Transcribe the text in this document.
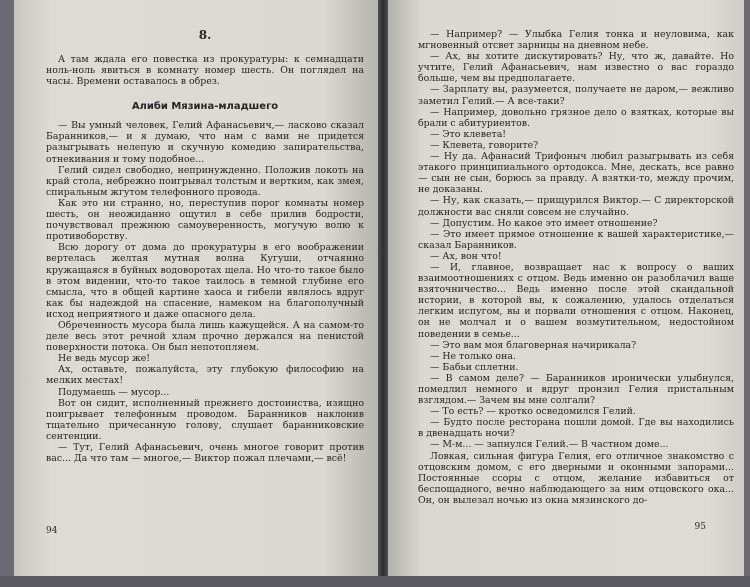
8.

А там ждала его повестка из прокуратуры: к семнадцати ноль-ноль явиться в комнату номер шесть. Он поглядел на часы. Времени оставалось в обрез.

Алиби Мязина-младшего

— Вы умный человек, Гелий Афанасьевич,— ласково сказал Баранников,— и я думаю, что нам с вами не придется разыгрывать нелепую и скучную комедию запирательства, отнекивания и тому подобное...

Гелий сидел свободно, непринужденно. Положив локоть на край стола, небрежно поигрывал толстым и вертким, как змея, спиральным жгутом телефонного провода.

Как это ни странно, но, переступив порог комнаты номер шесть, он неожиданно ощутил в себе прилив бодрости, почувствовал прежнюю самоуверенность, могучую волю к противоборству.

Всю дорогу от дома до прокуратуры в его воображении вертелась желтая мутная волна Кугуши, отчаянно кружащаяся в буйных водоворотах щела. Но что-то такое было в этом видении, что-то такое таилось в темной глубине его смысла, что в общей картине хаоса и гибели являлось вдруг как бы надеждой на спасение, намеком на благополучный исход неприятного и даже опасного дела.

Обреченность мусора была лишь кажущейся. А на самом-то деле весь этот речной хлам прочно держался на пенистой поверхности потока. Он был непотопляем.

Не ведь мусор же!

Ах, оставьте, пожалуйста, эту глубокую философию на мелких местах!

Подумаешь — мусор...

Вот он сидит, исполненный прежнего достоинства, изящно поигрывает телефонным проводом. Баранников наклонив тщательно причесанную голову, слушает баранниковские сентенции.

— Тут, Гелий Афанасьевич, очень многое говорит против вас... Да что там — многое,— Виктор пожал плечами,— всё!

94

— Например? — Улыбка Гелия тонка и неуловима, как мгновенный отсвет зарницы на дневном небе.

— Ах, вы хотите дискутировать? Ну, что ж, давайте. Но учтите, Гелий Афанасьевич, нам известно о вас гораздо больше, чем вы предполагаете.

— Зарплату вы, разумеется, получаете не даром,— вежливо заметил Гелий.— А все-таки?

— Например, довольно грязное дело о взятках, которые вы брали с абитуриентов.

— Это клевета!

— Клевета, говорите?

— Ну да. Афанасий Трифоныч любил разыгрывать из себя этакого принципиального ортодокса. Мне, дескать, все равно — сын не сын, борюсь за правду. А взятки-то, между прочим, не доказаны.

— Ну, как сказать,— прищурился Виктор.— С директорской должности вас сняли совсем не случайно.

— Допустим. Но какое это имеет отношение?

— Это имеет прямое отношение к вашей характеристике,— сказал Баранников.

— Ах, вон что!

— И, главное, возвращает нас к вопросу о ваших взаимоотношениях с отцом. Ведь именно он разоблачил ваше взяточничество... Ведь именно после этой скандальной истории, в которой вы, к сожалению, удалось отделаться легким испугом, вы и порвали отношения с отцом. Наконец, он не молчал и о вашем возмутительном, недостойном поведении в семье...

— Это вам моя благоверная начирикала?

— Не только она.

— Бабьи сплетни.

— В самом деле? — Баранников иронически улыбнулся, помедлил немного и вдруг пронзил Гелия пристальным взглядом.— Зачем вы мне солгали?

— То есть? — кротко осведомился Гелий.

— Будто после ресторана пошли домой. Где вы находились в двенадцать ночи?

— М-м... — запнулся Гелий.— В частном доме...

Ловкая, сильная фигура Гелия, его отличное знакомство с отцовским домом, с его дверными и оконными запорами... Постоянные ссоры с отцом, желание избавиться от беспощадного, вечно наблюдающего за ним отцовского ока... Он, он вылезал ночью из окна мязинского до-

95
